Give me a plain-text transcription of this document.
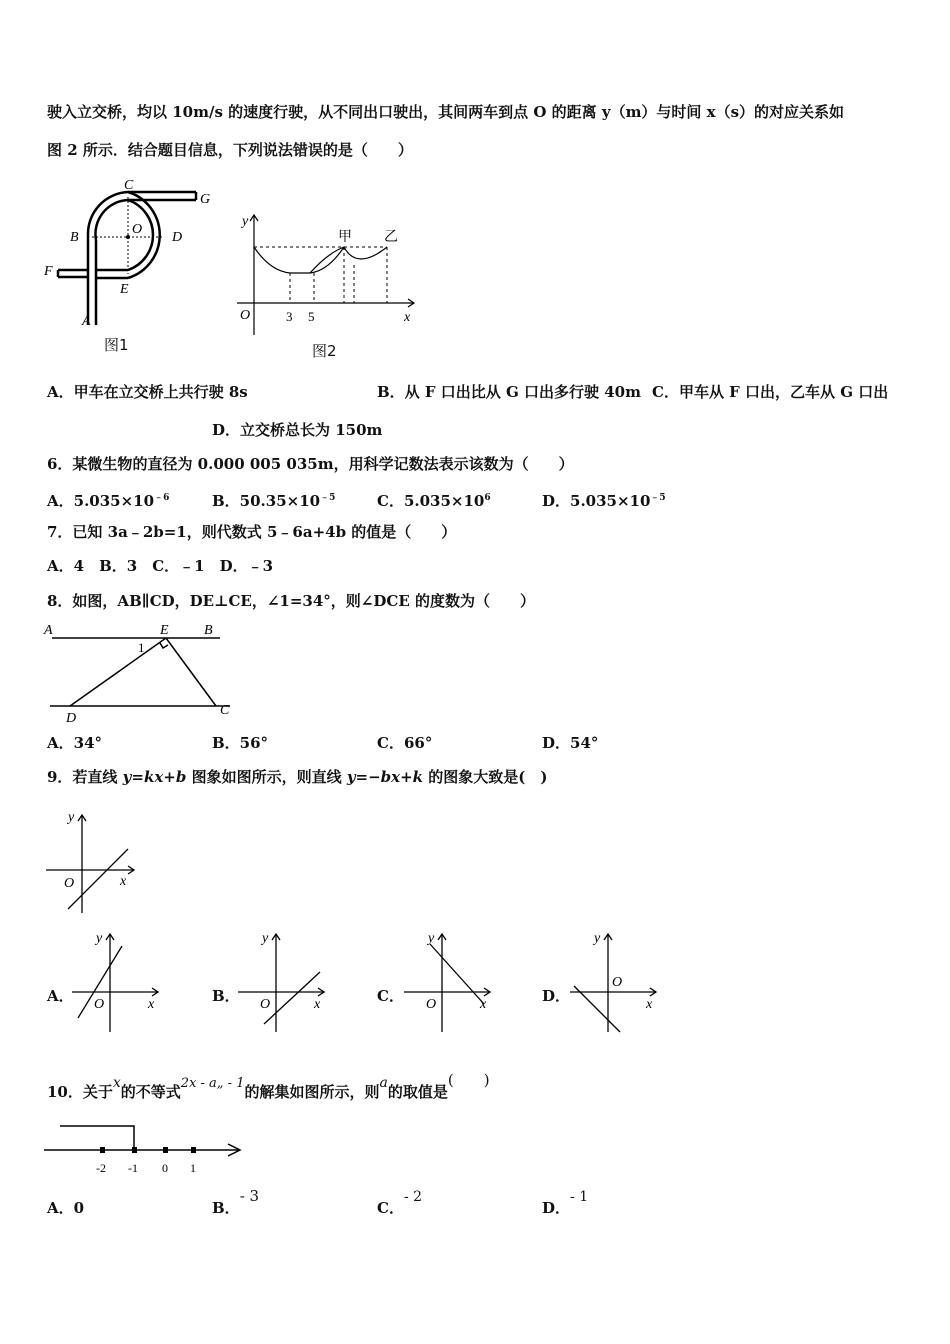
驶入立交桥，均以 10m/s 的速度行驶，从不同出口驶出，其间两车到点 O 的距离 y（m）与时间 x（s）的对应关系如
图 2 所示．结合题目信息，下列说法错误的是（　　）
C
G
B
O
D
F
E
A
图1
y
甲 乙
O	3 5	x
图2
A．甲车在立交桥上共行驶 8s	B．从 F 口出比从 G 口出多行驶 40m C．甲车从 F 口出，乙车从 G 口出
D．立交桥总长为 150m
6．某微生物的直径为 0.000 005 035m，用科学记数法表示该数为（　　）
A．$5.035\times 10^{﹣6}$	B．$50.35\times 10^{﹣5}$	C．$5.035\times 10^6$	D．$5.035\times 10^{﹣5}$
7．已知 3a﹣2b=1，则代数式 5﹣6a+4b 的值是（　　）
A．4　B．3　C．﹣1　D．﹣3
8．如图，AB∥CD，DE⊥CE，∠1=34°，则∠DCE 的度数为（　　）
A	E	B
1
D
C
A．34°	B．56°	C．66°	D．54°
9．若直线 y=kx+b 图象如图所示，则直线 y=−bx+k 的图象大致是(　)
y
O	x
A．
y
O	x	B．
y
O	x	C．
y
O	x	D．
y
O
x
10．关于x的不等式2x - a„ - 1的解集如图所示，则a的取值是(　　)
-2 -1 0 1
A．0	B．- 3
C．- 2
D．- 1
